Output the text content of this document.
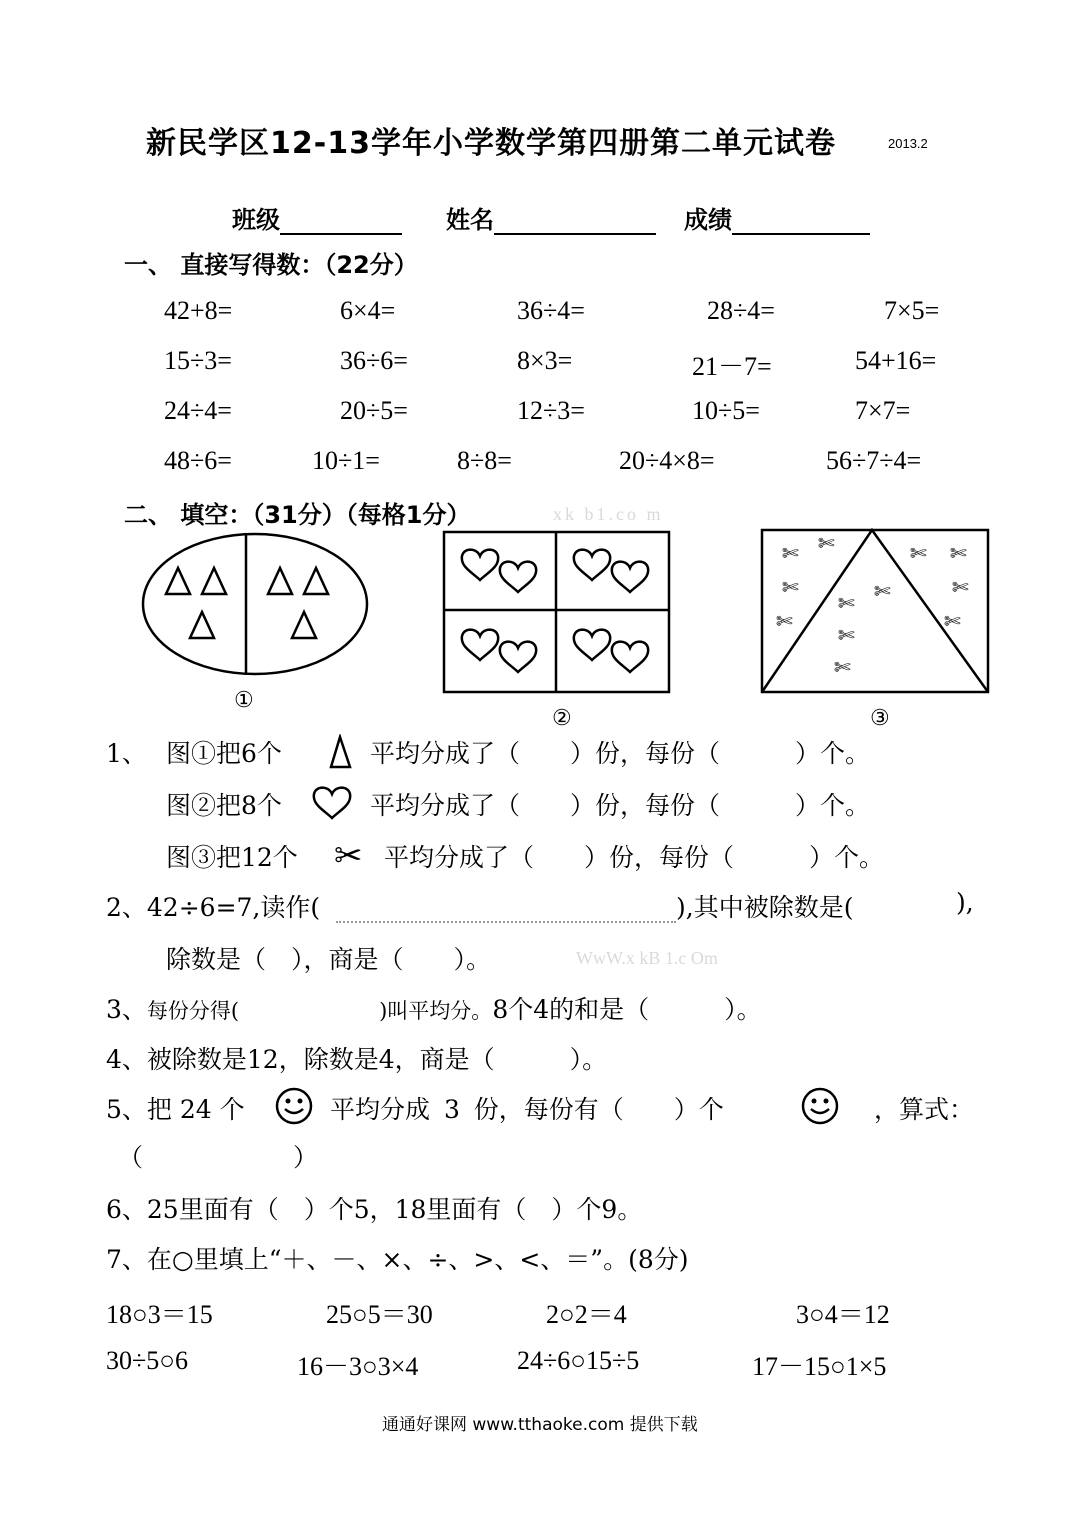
新民学区12-13学年小学数学第四册第二单元试卷	2013.2
班级	姓名	成绩
一、 直接写得数：（22分）
42+8=	6×4=	36÷4=	28÷4=	7×5=
15÷3=	36÷6=	8×3=	21－7=	54+16=
24÷4=	20÷5=	12÷3=	10÷5=	7×7=
48÷6=	10÷1=	8÷8=	20÷4×8=	56÷7÷4=
二、 填空：（31分）（每格1分）	xk b1.co m
①
②
✄ ✄
✄
✄
✄ ✄
✄
✄
✄ ✄
✄
✄
③
1、 图①把6个	平均分成了（　　）份，每份（　　　）个。
图②把8个	平均分成了（　　）份，每份（　　　）个。
图③把12个 ✂ 平均分成了（　　）份，每份（　　　）个。
2、42÷6=7,读作(	),其中被除数是(	),
除数是（　），商是（　　）。	WwW.x kB 1.c Om
3、每份分得(	)叫平均分。8个4的和是（　　　）。
4、被除数是12，除数是4，商是（　　　）。
5、把 24 个	平均分成 3 份，每份有（　　）个	，算式：
（　　　　　　）
6、25里面有（　）个5，18里面有（　）个9。
7、在○里填上“＋、－、×、÷、>、<、＝”。(8分)
18○3＝15	25○5＝30	2○2＝4	3○4＝12
30÷5○6	16－3○3×4	24÷6○15÷5	17－15○1×5
通通好课网 www.tthaoke.com 提供下载
